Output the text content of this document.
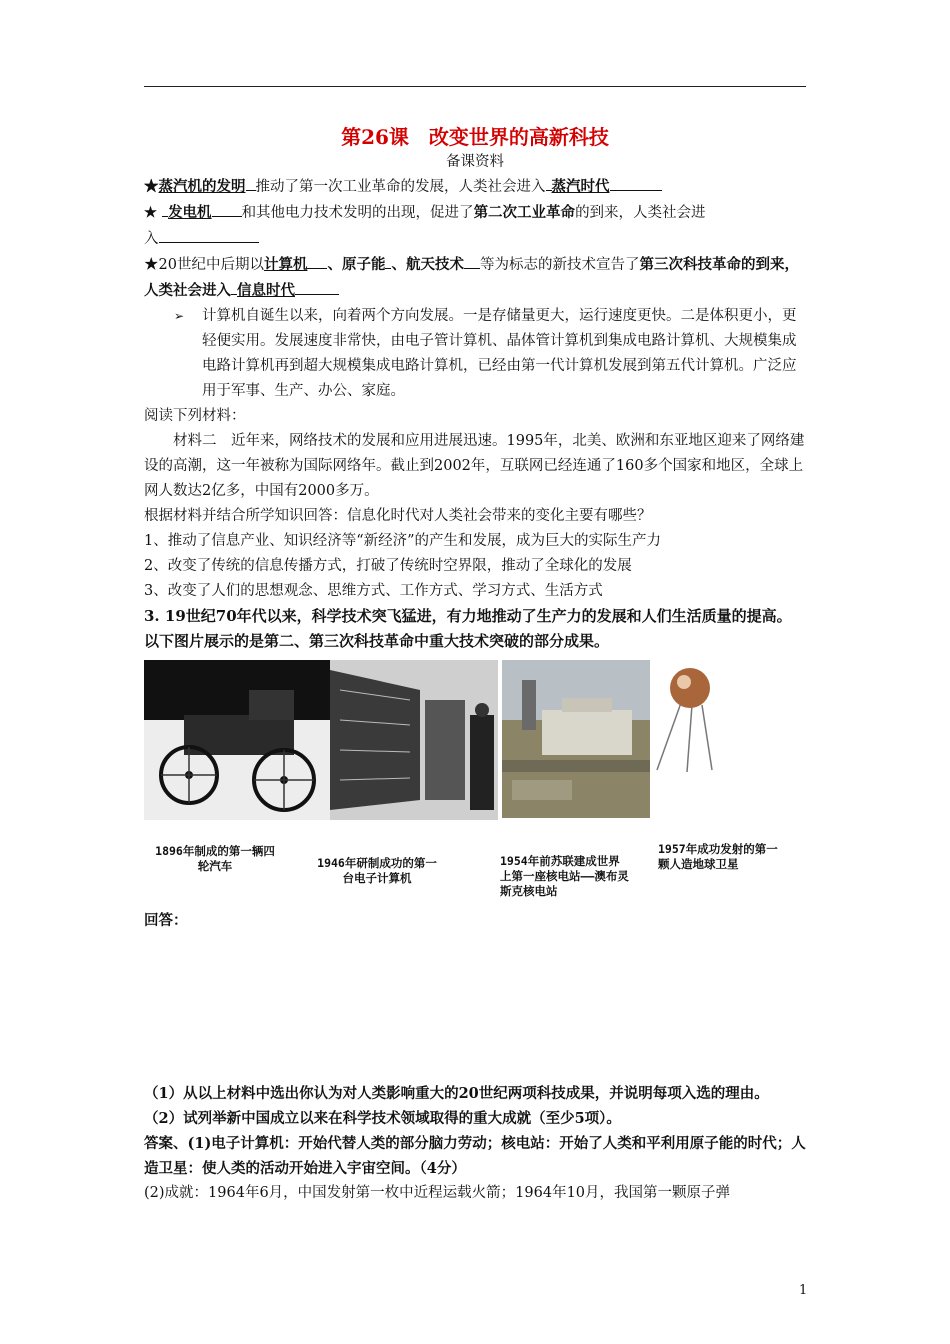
第26课　改变世界的高新科技
备课资料

★蒸汽机的发明 推动了第一次工业革命的发展，人类社会进入 蒸汽时代

★ 发电机 和其他电力技术发明的出现，促进了第二次工业革命的到来，人类社会进
入

★20世纪中后期以计算机 、原子能 、航天技术 等为标志的新技术宣告了第三次科技革命的到来，人类社会进入 信息时代

➢	计算机自诞生以来，向着两个方向发展。一是存储量更大，运行速度更快。二是体积更小，更轻便实用。发展速度非常快，由电子管计算机、晶体管计算机到集成电路计算机、大规模集成电路计算机再到超大规模集成电路计算机，已经由第一代计算机发展到第五代计算机。广泛应用于军事、生产、办公、家庭。

阅读下列材料：

材料二　近年来，网络技术的发展和应用进展迅速。1995年，北美、欧洲和东亚地区迎来了网络建设的高潮，这一年被称为国际网络年。截止到2002年，互联网已经连通了160多个国家和地区，全球上网人数达2亿多，中国有2000多万。

根据材料并结合所学知识回答：信息化时代对人类社会带来的变化主要有哪些？

1、推动了信息产业、知识经济等“新经济”的产生和发展，成为巨大的实际生产力

2、改变了传统的信息传播方式，打破了传统时空界限，推动了全球化的发展

3、改变了人们的思想观念、思维方式、工作方式、学习方式、生活方式

3. 19世纪70年代以来，科学技术突飞猛进，有力地推动了生产力的发展和人们生活质量的提高。以下图片展示的是第二、第三次科技革命中重大技术突破的部分成果。

1896年制成的第一辆四轮汽车	1946年研制成功的第一台电子计算机
1954年前苏联建成世界上第一座核电站——澳布灵斯克核电站
1957年成功发射的第一颗人造地球卫星

回答：

（1）从以上材料中选出你认为对人类影响重大的20世纪两项科技成果，并说明每项入选的理由。

（2）试列举新中国成立以来在科学技术领域取得的重大成就（至少5项）。

答案、(1)电子计算机：开始代替人类的部分脑力劳动；核电站：开始了人类和平利用原子能的时代；人造卫星：使人类的活动开始进入宇宙空间。（4分）

(2)成就：1964年6月，中国发射第一枚中近程运载火箭；1964年10月，我国第一颗原子弹

1
